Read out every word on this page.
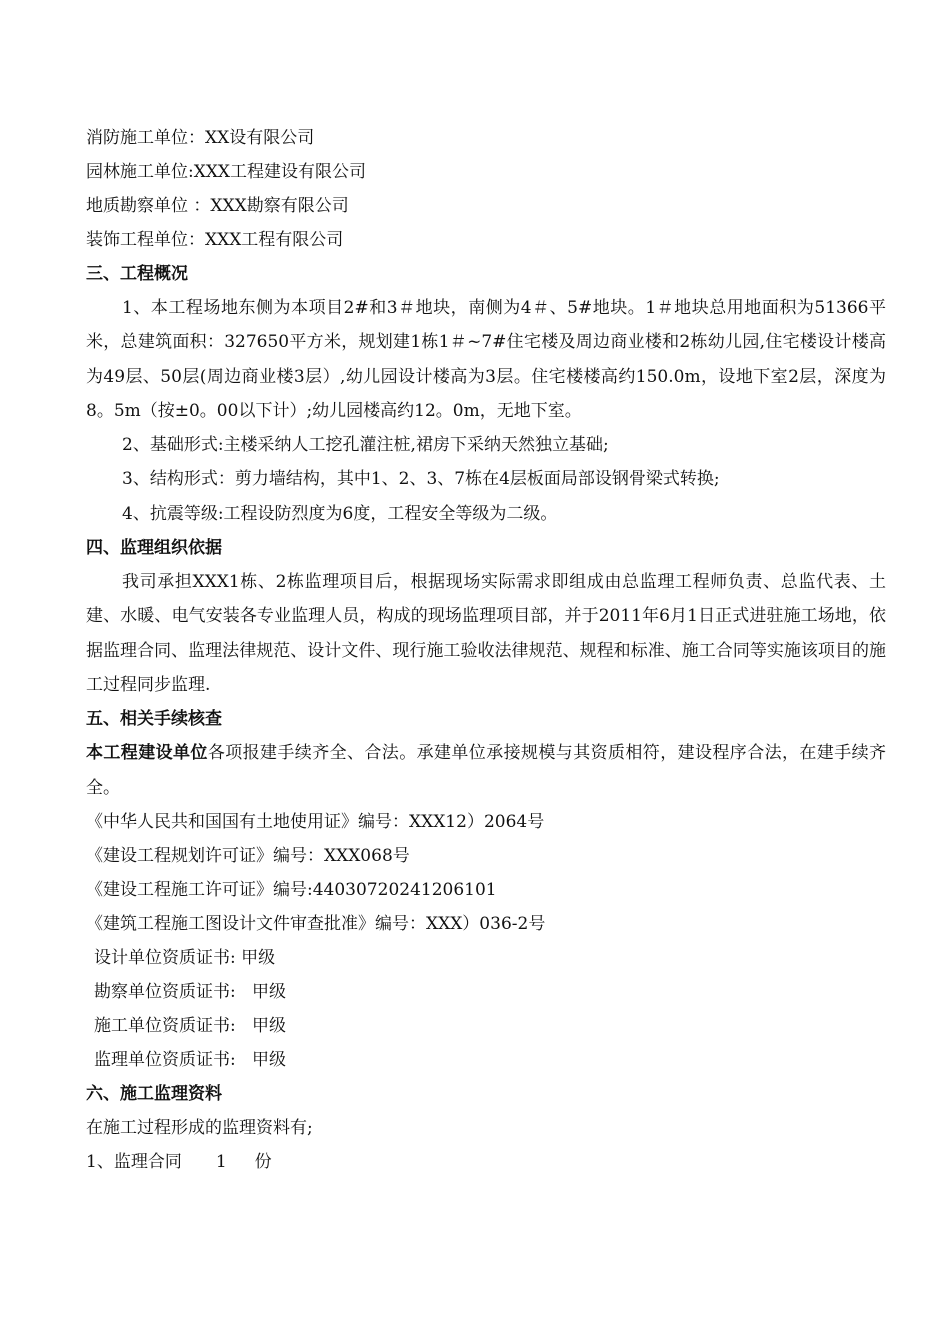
消防施工单位：XX设有限公司
园林施工单位:XXX工程建设有限公司
地质勘察单位 ：XXX勘察有限公司
装饰工程单位：XXX工程有限公司
三、工程概况
1、本工程场地东侧为本项目2#和3＃地块，南侧为4＃、5#地块。1＃地块总用地面积为51366平米，总建筑面积：327650平方米，规划建1栋1＃~7#住宅楼及周边商业楼和2栋幼儿园,住宅楼设计楼高为49层、50层(周边商业楼3层）,幼儿园设计楼高为3层。住宅楼楼高约150.0m，设地下室2层，深度为8。5m（按±0。00以下计）;幼儿园楼高约12。0m，无地下室。
2、基础形式:主楼采纳人工挖孔灌注桩,裙房下采纳天然独立基础;
3、结构形式：剪力墙结构，其中1、2、3、7栋在4层板面局部设钢骨梁式转换;
4、抗震等级:工程设防烈度为6度，工程安全等级为二级。
四、监理组织依据
我司承担XXX1栋、2栋监理项目后，根据现场实际需求即组成由总监理工程师负责、总监代表、土建、水暖、电气安装各专业监理人员，构成的现场监理项目部，并于2011年6月1日正式进驻施工场地，依据监理合同、监理法律规范、设计文件、现行施工验收法律规范、规程和标准、施工合同等实施该项目的施工过程同步监理.
五、相关手续核查
本工程建设单位各项报建手续齐全、合法。承建单位承接规模与其资质相符，建设程序合法，在建手续齐全。
《中华人民共和国国有土地使用证》编号：XXX12）2064号
《建设工程规划许可证》编号：XXX068号
《建设工程施工许可证》编号:44030720241206101
《建筑工程施工图设计文件审查批准》编号：XXX）036-2号
设计单位资质证书: 甲级
勘察单位资质证书: 甲级
施工单位资质证书: 甲级
监理单位资质证书: 甲级
六、施工监理资料
在施工过程形成的监理资料有;
1、监理合同 1 份
